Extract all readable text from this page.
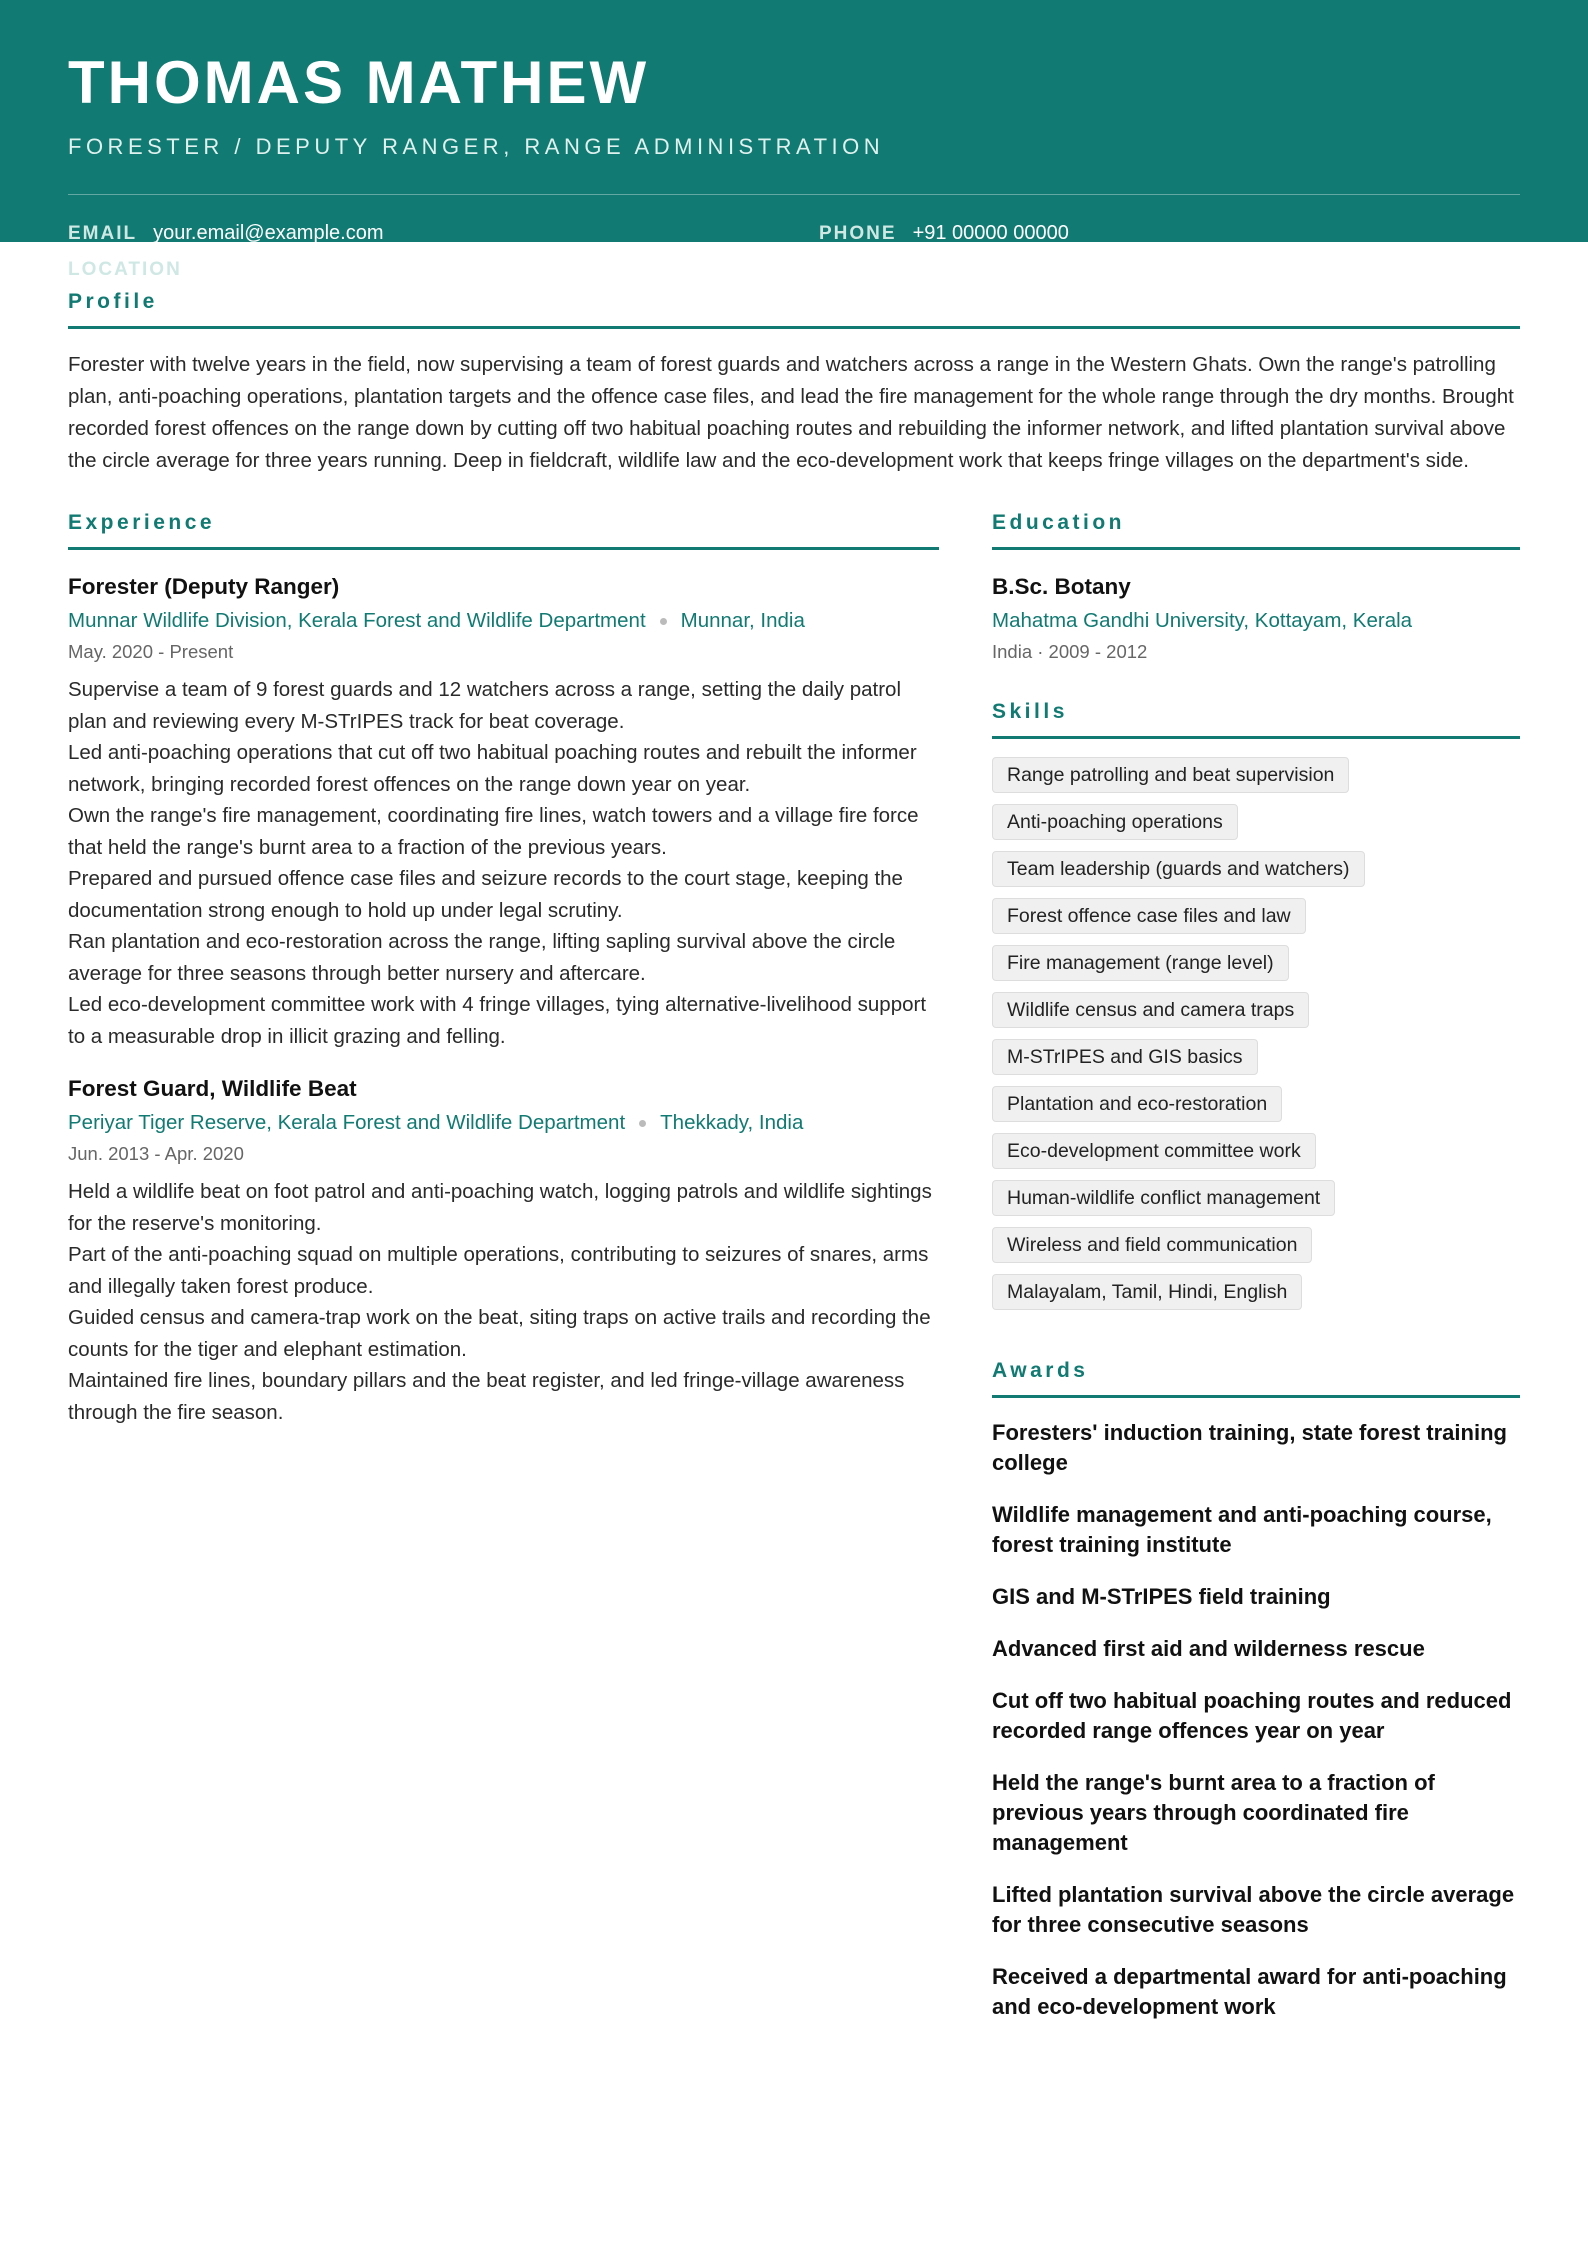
THOMAS MATHEW
FORESTER / DEPUTY RANGER, RANGE ADMINISTRATION
EMAIL your.email@example.com	PHONE +91 00000 00000
LOCATION Munnar, Kerala, India
Profile

Forester with twelve years in the field, now supervising a team of forest guards and watchers across a range in the Western Ghats. Own the range's patrolling plan, anti-poaching operations, plantation targets and the offence case files, and lead the fire management for the whole range through the dry months. Brought recorded forest offences on the range down by cutting off two habitual poaching routes and rebuilding the informer network, and lifted plantation survival above the circle average for three years running. Deep in fieldcraft, wildlife law and the eco-development work that keeps fringe villages on the department's side.

Experience
Forester (Deputy Ranger)
Munnar Wildlife Division, Kerala Forest and Wildlife Department Munnar, India
May. 2020 - Present
Supervise a team of 9 forest guards and 12 watchers across a range, setting the daily patrol plan and reviewing every M-STrIPES track for beat coverage.
Led anti-poaching operations that cut off two habitual poaching routes and rebuilt the informer network, bringing recorded forest offences on the range down year on year.
Own the range's fire management, coordinating fire lines, watch towers and a village fire force that held the range's burnt area to a fraction of the previous years.
Prepared and pursued offence case files and seizure records to the court stage, keeping the documentation strong enough to hold up under legal scrutiny.
Ran plantation and eco-restoration across the range, lifting sapling survival above the circle average for three seasons through better nursery and aftercare.
Led eco-development committee work with 4 fringe villages, tying alternative-livelihood support to a measurable drop in illicit grazing and felling.
Forest Guard, Wildlife Beat
Periyar Tiger Reserve, Kerala Forest and Wildlife Department Thekkady, India
Jun. 2013 - Apr. 2020
Held a wildlife beat on foot patrol and anti-poaching watch, logging patrols and wildlife sightings for the reserve's monitoring.
Part of the anti-poaching squad on multiple operations, contributing to seizures of snares, arms and illegally taken forest produce.
Guided census and camera-trap work on the beat, siting traps on active trails and recording the counts for the tiger and elephant estimation.
Maintained fire lines, boundary pillars and the beat register, and led fringe-village awareness through the fire season.
Education
B.Sc. Botany
Mahatma Gandhi University, Kottayam, Kerala
India · 2009 - 2012
Skills
Range patrolling and beat supervision
Anti-poaching operations
Team leadership (guards and watchers)
Forest offence case files and law
Fire management (range level)
Wildlife census and camera traps
M-STrIPES and GIS basics
Plantation and eco-restoration
Eco-development committee work
Human-wildlife conflict management
Wireless and field communication
Malayalam, Tamil, Hindi, English
Awards
Foresters' induction training, state forest training college
Wildlife management and anti-poaching course, forest training institute
GIS and M-STrIPES field training
Advanced first aid and wilderness rescue
Cut off two habitual poaching routes and reduced recorded range offences year on year
Held the range's burnt area to a fraction of previous years through coordinated fire management
Lifted plantation survival above the circle average for three consecutive seasons
Received a departmental award for anti-poaching and eco-development work
